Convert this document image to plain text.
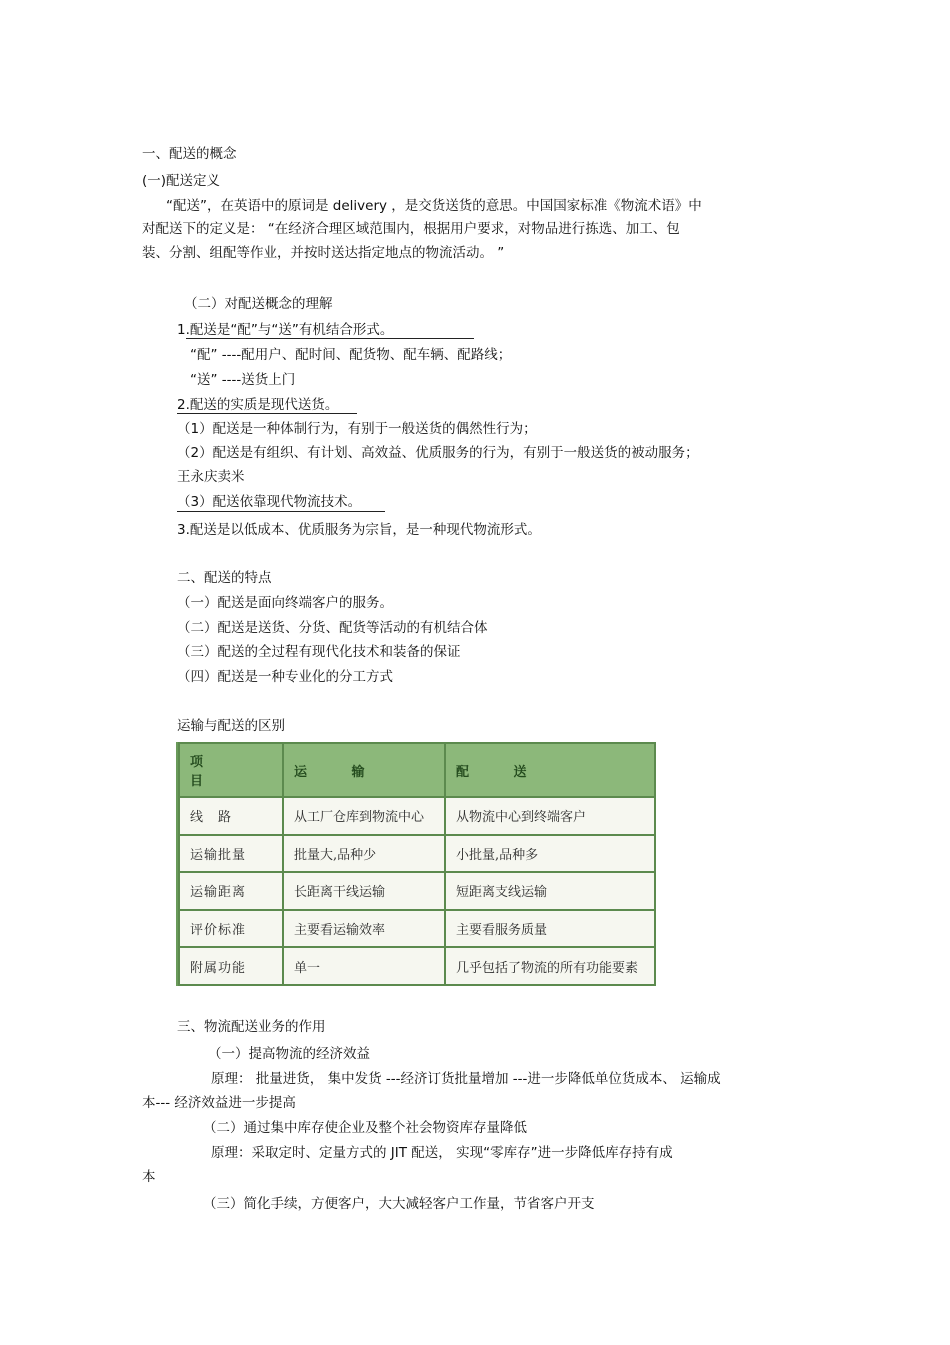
一、配送的概念
(一)配送定义
“配送”，在英语中的原词是 delivery ，是交货送货的意思。中国国家标准《物流术语》中
对配送下的定义是： “在经济合理区域范围内，根据用户要求，对物品进行拣选、加工、包
装、分割、组配等作业，并按时送达指定地点的物流活动。 ”
（二）对配送概念的理解
1.配送是“配”与“送”有机结合形式。
“配” ----配用户、配时间、配货物、配车辆、配路线；
“送” ----送货上门
2.配送的实质是现代送货。
（1）配送是一种体制行为，有别于一般送货的偶然性行为；
（2）配送是有组织、有计划、高效益、优质服务的行为，有别于一般送货的被动服务；
王永庆卖米
（3）配送依靠现代物流技术。
3.配送是以低成本、优质服务为宗旨，是一种现代物流形式。
二、配送的特点
（一）配送是面向终端客户的服务。
（二）配送是送货、分货、配货等活动的有机结合体
（三）配送的全过程有现代化技术和装备的保证
（四）配送是一种专业化的分工方式
运输与配送的区别
项 目	运 输	配 送
线　路	从工厂仓库到物流中心	从物流中心到终端客户
运输批量	批量大,品种少	小批量,品种多
运输距离	长距离干线运输	短距离支线运输
评价标准	主要看运输效率	主要看服务质量
附属功能	单一	几乎包括了物流的所有功能要素
三、物流配送业务的作用
（一）提高物流的经济效益
原理： 批量进货， 集中发货 ---经济订货批量增加 ---进一步降低单位货成本、 运输成
本--- 经济效益进一步提高
（二）通过集中库存使企业及整个社会物资库存量降低
原理：采取定时、定量方式的 JIT 配送， 实现“零库存”进一步降低库存持有成
本
（三）简化手续，方便客户，大大减轻客户工作量，节省客户开支
